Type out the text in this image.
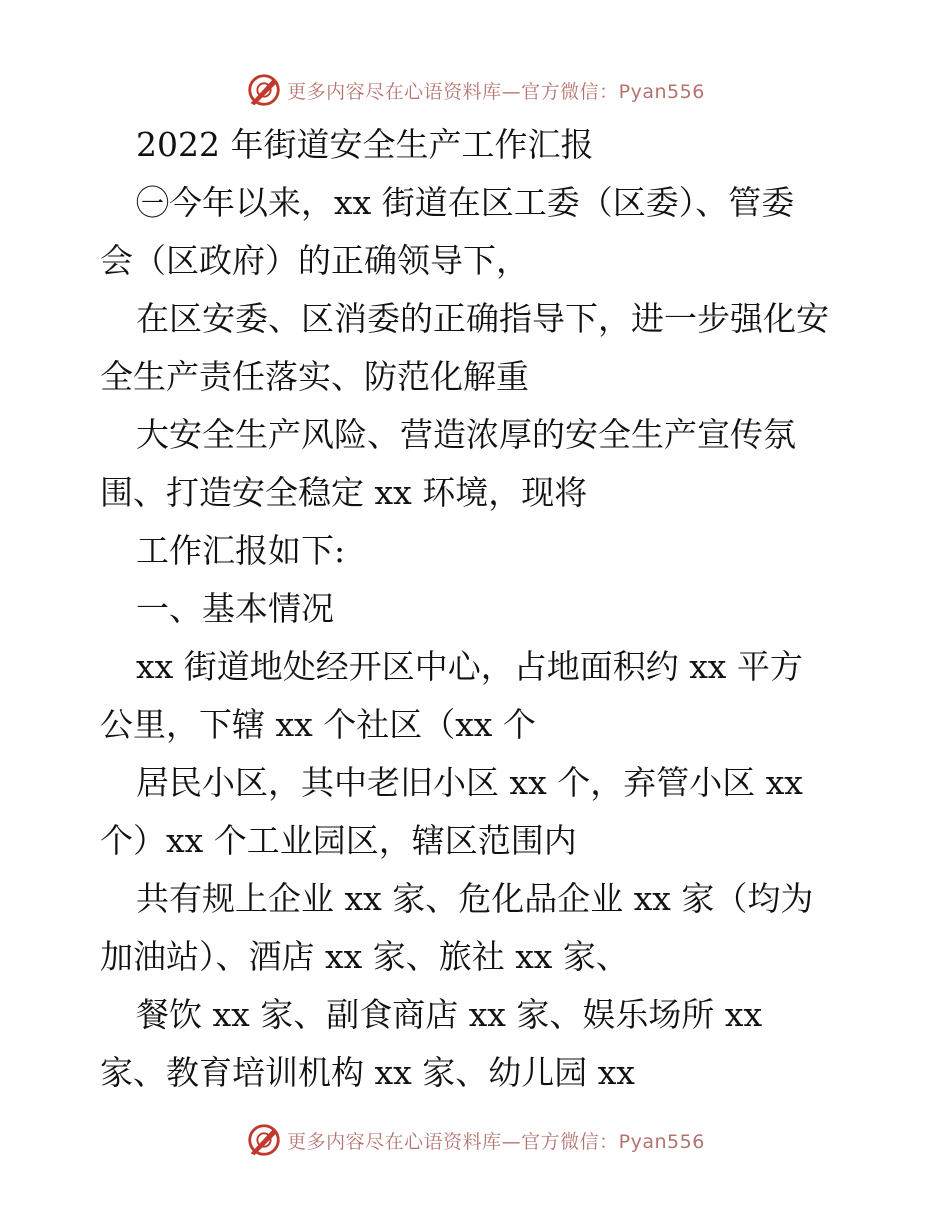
更多内容尽在心语资料库—官方微信：Pyan556
2022 年街道安全生产工作汇报
㊀今年以来，xx 街道在区工委（区委）、管委
会（区政府）的正确领导下，
在区安委、区消委的正确指导下，进一步强化安
全生产责任落实、防范化解重
大安全生产风险、营造浓厚的安全生产宣传氛
围、打造安全稳定 xx 环境，现将
工作汇报如下:
一、基本情况
xx 街道地处经开区中心，占地面积约 xx 平方
公里，下辖 xx 个社区（xx 个
居民小区，其中老旧小区 xx 个，弃管小区 xx
个）xx 个工业园区，辖区范围内
共有规上企业 xx 家、危化品企业 xx 家（均为
加油站）、酒店 xx 家、旅社 xx 家、
餐饮 xx 家、副食商店 xx 家、娱乐场所 xx
家、教育培训机构 xx 家、幼儿园 xx
更多内容尽在心语资料库—官方微信：Pyan556
